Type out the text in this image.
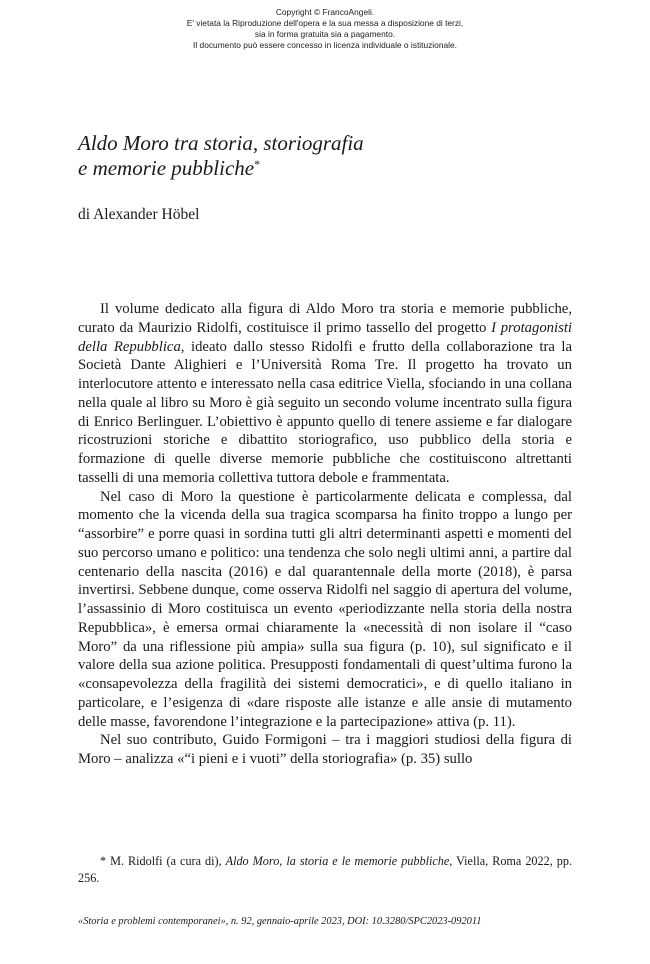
Copyright © FrancoAngeli.
E' vietata la Riproduzione dell'opera e la sua messa a disposizione di terzi,
sia in forma gratuita sia a pagamento.
Il documento può essere concesso in licenza individuale o istituzionale.
Aldo Moro tra storia, storiografia
e memorie pubbliche*
di Alexander Höbel

Il volume dedicato alla figura di Aldo Moro tra storia e memorie pubbliche, curato da Maurizio Ridolfi, costituisce il primo tassello del progetto I protagonisti della Repubblica, ideato dallo stesso Ridolfi e frutto della collaborazione tra la Società Dante Alighieri e l’Università Roma Tre. Il progetto ha trovato un interlocutore attento e interessato nella casa editrice Viella, sfociando in una collana nella quale al libro su Moro è già seguito un secondo volume incentrato sulla figura di Enrico Berlinguer. L’obiettivo è appunto quello di tenere assieme e far dialogare ricostruzioni storiche e dibattito storiografico, uso pubblico della storia e formazione di quelle diverse memorie pubbliche che costituiscono altrettanti tasselli di una memoria collettiva tuttora debole e frammentata.

Nel caso di Moro la questione è particolarmente delicata e complessa, dal momento che la vicenda della sua tragica scomparsa ha finito troppo a lungo per “assorbire” e porre quasi in sordina tutti gli altri determinanti aspetti e momenti del suo percorso umano e politico: una tendenza che solo negli ultimi anni, a partire dal centenario della nascita (2016) e dal quarantennale della morte (2018), è parsa invertirsi. Sebbene dunque, come osserva Ridolfi nel saggio di apertura del volume, l’assassinio di Moro costituisca un evento «periodizzante nella storia della nostra Repubblica», è emersa ormai chiaramente la «necessità di non isolare il “caso Moro” da una riflessione più ampia» sulla sua figura (p. 10), sul significato e il valore della sua azione politica. Presupposti fondamentali di quest’ultima furono la «consapevolezza della fragilità dei sistemi democratici», e di quello italiano in particolare, e l’esigenza di «dare risposte alle istanze e alle ansie di mutamento delle masse, favorendone l’integrazione e la partecipazione» attiva (p. 11).

Nel suo contributo, Guido Formigoni – tra i maggiori studiosi della figura di Moro – analizza «“i pieni e i vuoti” della storiografia» (p. 35) sullo

* M. Ridolfi (a cura di), Aldo Moro, la storia e le memorie pubbliche, Viella, Roma 2022, pp. 256.

«Storia e problemi contemporanei», n. 92, gennaio-aprile 2023, DOI: 10.3280/SPC2023-092011
